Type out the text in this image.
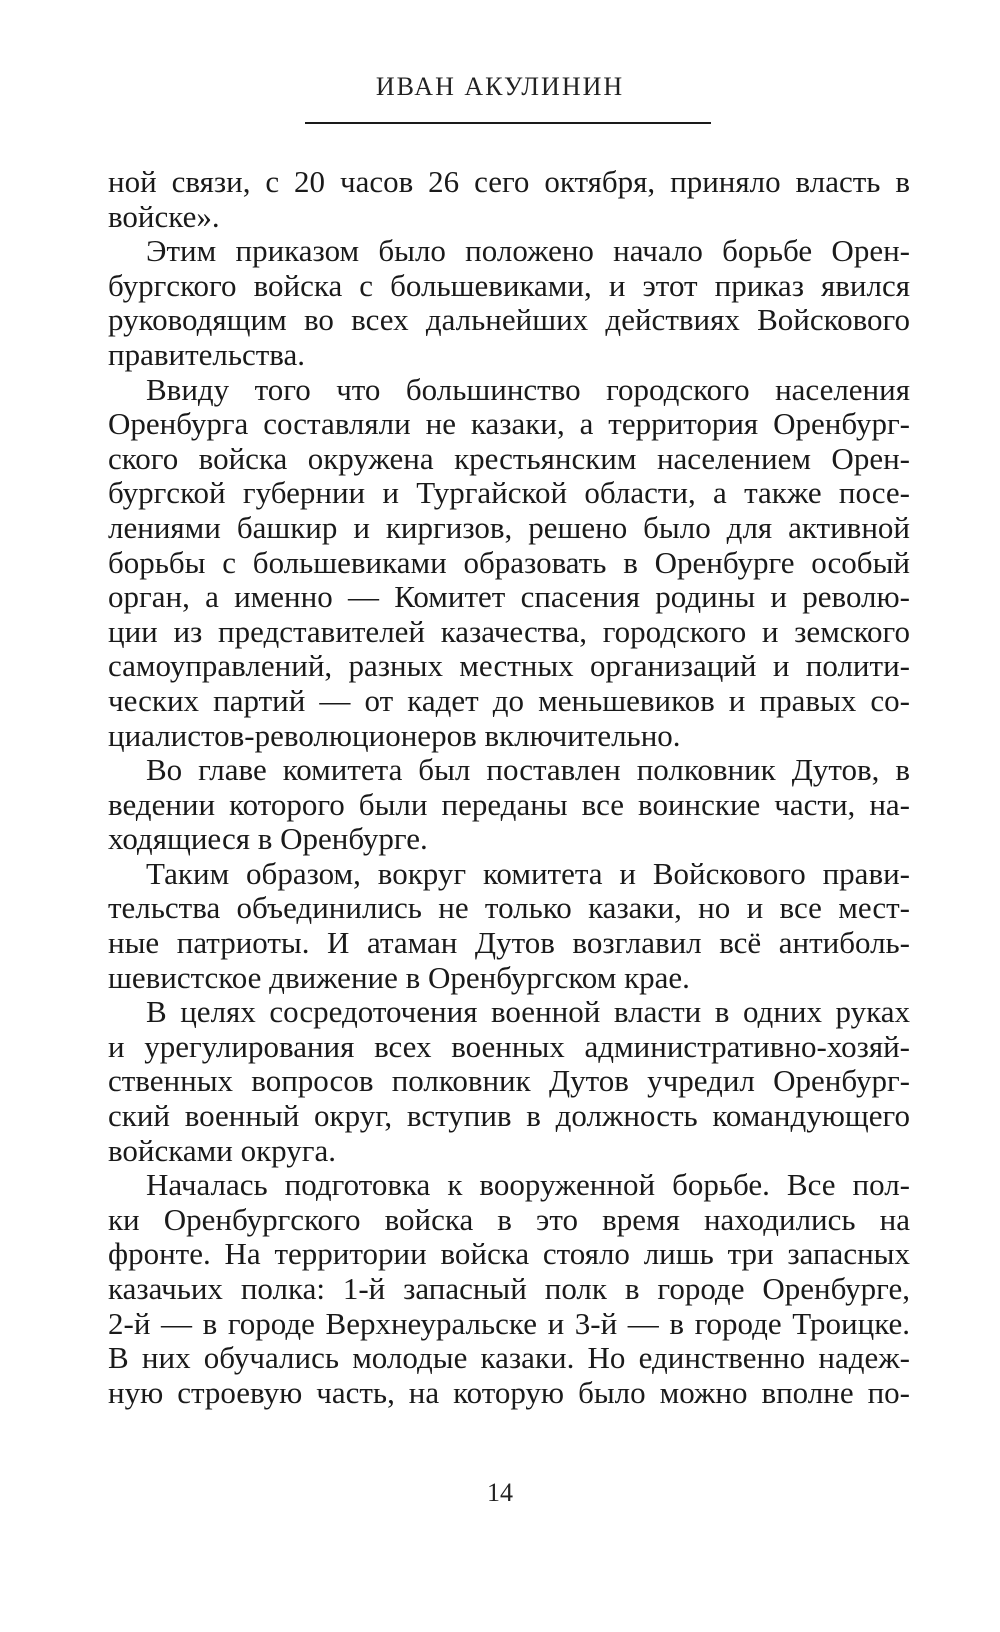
ИВАН АКУЛИНИН
ной связи, с 20 часов 26 сего октября, приняло власть в
войске».
Этим приказом было положено начало борьбе Орен-
бургского войска с большевиками, и этот приказ явился
руководящим во всех дальнейших действиях Войскового
правительства.
Ввиду того что большинство городского населения
Оренбурга составляли не казаки, а территория Оренбург-
ского войска окружена крестьянским населением Орен-
бургской губернии и Тургайской области, а также посе-
лениями башкир и киргизов, решено было для активной
борьбы с большевиками образовать в Оренбурге особый
орган, а именно — Комитет спасения родины и револю-
ции из представителей казачества, городского и земского
самоуправлений, разных местных организаций и полити-
ческих партий — от кадет до меньшевиков и правых со-
циалистов-революционеров включительно.
Во главе комитета был поставлен полковник Дутов, в
ведении которого были переданы все воинские части, на-
ходящиеся в Оренбурге.
Таким образом, вокруг комитета и Войскового прави-
тельства объединились не только казаки, но и все мест-
ные патриоты. И атаман Дутов возглавил всё антиболь-
шевистское движение в Оренбургском крае.
В целях сосредоточения военной власти в одних руках
и урегулирования всех военных административно-хозяй-
ственных вопросов полковник Дутов учредил Оренбург-
ский военный округ, вступив в должность командующего
войсками округа.
Началась подготовка к вооруженной борьбе. Все пол-
ки Оренбургского войска в это время находились на
фронте. На территории войска стояло лишь три запасных
казачьих полка: 1-й запасный полк в городе Оренбурге,
2-й — в городе Верхнеуральске и 3-й — в городе Троицке.
В них обучались молодые казаки. Но единственно надеж-
ную строевую часть, на которую было можно вполне по-
14
